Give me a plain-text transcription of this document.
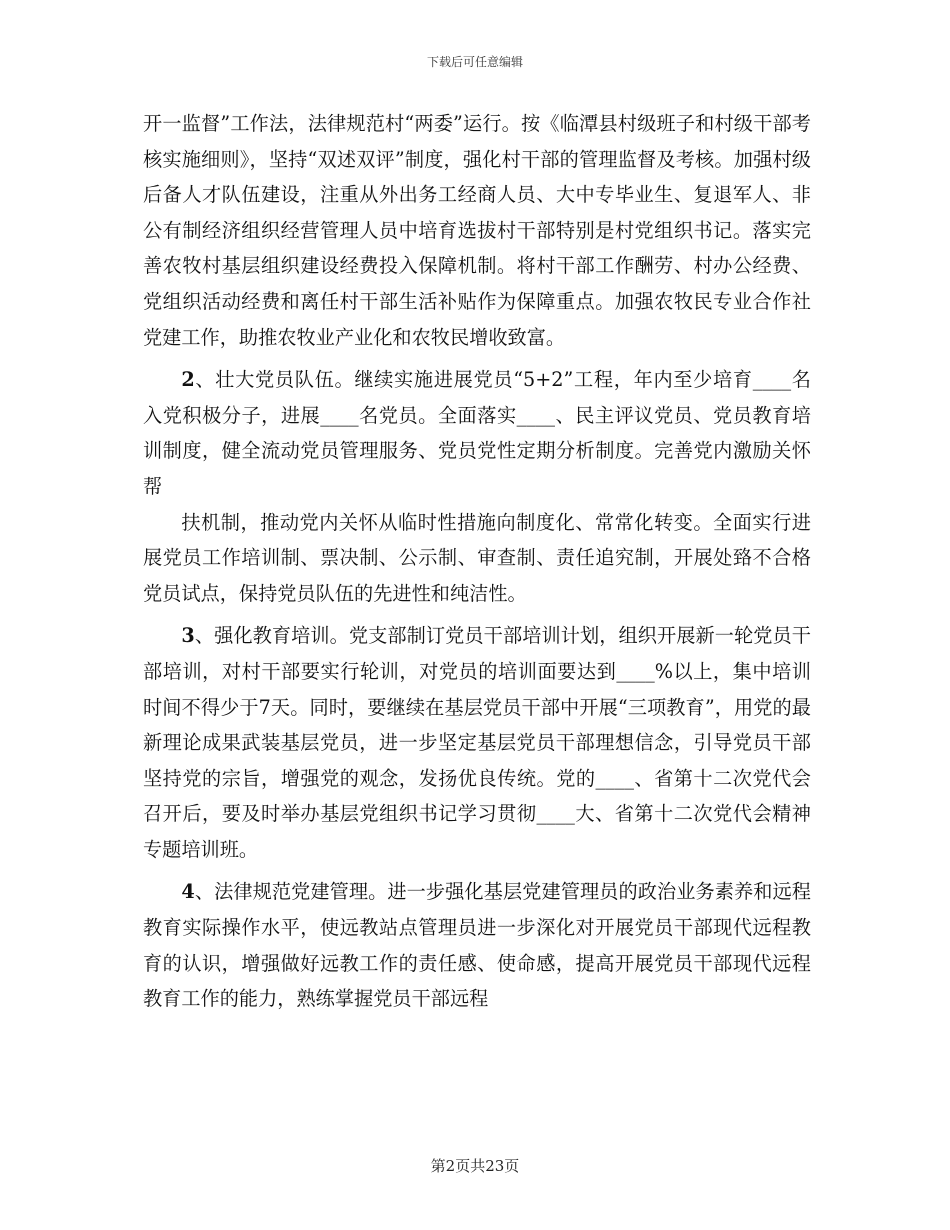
下载后可任意编辑

开一监督”工作法，法律规范村“两委”运行。按《临潭县村级班子和村级干部考核实施细则》，坚持“双述双评”制度，强化村干部的管理监督及考核。加强村级后备人才队伍建设，注重从外出务工经商人员、大中专毕业生、复退军人、非公有制经济组织经营管理人员中培育选拔村干部特别是村党组织书记。落实完善农牧村基层组织建设经费投入保障机制。将村干部工作酬劳、村办公经费、党组织活动经费和离任村干部生活补贴作为保障重点。加强农牧民专业合作社党建工作，助推农牧业产业化和农牧民增收致富。

2、壮大党员队伍。继续实施进展党员“5+2”工程，年内至少培育____名入党积极分子，进展____名党员。全面落实____、民主评议党员、党员教育培训制度，健全流动党员管理服务、党员党性定期分析制度。完善党内激励关怀帮

扶机制，推动党内关怀从临时性措施向制度化、常常化转变。全面实行进展党员工作培训制、票决制、公示制、审查制、责任追究制，开展处臵不合格党员试点，保持党员队伍的先进性和纯洁性。

3、强化教育培训。党支部制订党员干部培训计划，组织开展新一轮党员干部培训，对村干部要实行轮训，对党员的培训面要达到____%以上，集中培训时间不得少于7天。同时，要继续在基层党员干部中开展“三项教育”，用党的最新理论成果武装基层党员，进一步坚定基层党员干部理想信念，引导党员干部坚持党的宗旨，增强党的观念，发扬优良传统。党的____、省第十二次党代会召开后，要及时举办基层党组织书记学习贯彻____大、省第十二次党代会精神专题培训班。

4、法律规范党建管理。进一步强化基层党建管理员的政治业务素养和远程教育实际操作水平，使远教站点管理员进一步深化对开展党员干部现代远程教育的认识，增强做好远教工作的责任感、使命感，提高开展党员干部现代远程教育工作的能力，熟练掌握党员干部远程

第2页共23页
